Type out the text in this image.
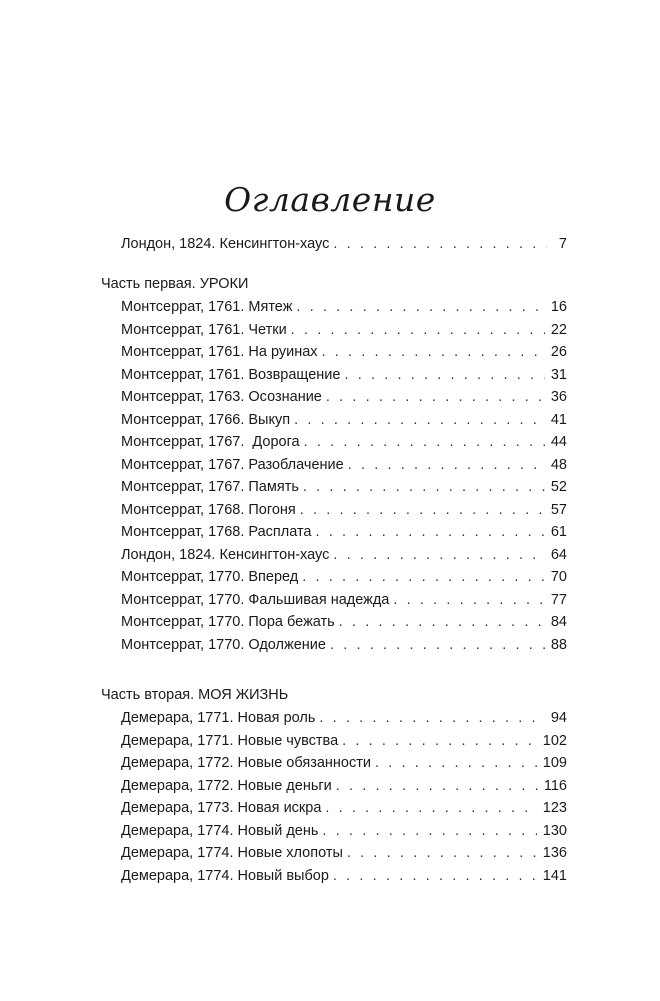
Оглавление
Лондон, 1824. Кенсингтон-хаус . . .	7
Часть первая. УРОКИ
Монтсеррат, 1761. Мятеж . . .	16
Монтсеррат, 1761. Четки . . .	22
Монтсеррат, 1761. На руинах . . .	26
Монтсеррат, 1761. Возвращение . . .	31
Монтсеррат, 1763. Осознание . . .	36
Монтсеррат, 1766. Выкуп . . .	41
Монтсеррат, 1767.  Дорога . . .	44
Монтсеррат, 1767. Разоблачение . . .	48
Монтсеррат, 1767. Память . . .	52
Монтсеррат, 1768. Погоня . . .	57
Монтсеррат, 1768. Расплата . . .	61
Лондон, 1824. Кенсингтон-хаус . . .	64
Монтсеррат, 1770. Вперед . . .	70
Монтсеррат, 1770. Фальшивая надежда . . .	77
Монтсеррат, 1770. Пора бежать . . .	84
Монтсеррат, 1770. Одолжение . . .	88
Часть вторая. МОЯ ЖИЗНЬ
Демерара, 1771. Новая роль . . .	94
Демерара, 1771. Новые чувства . . .	102
Демерара, 1772. Новые обязанности . . .	109
Демерара, 1772. Новые деньги . . .	116
Демерара, 1773. Новая искра . . .	123
Демерара, 1774. Новый день . . .	130
Демерара, 1774. Новые хлопоты . . .	136
Демерара, 1774. Новый выбор . . .	141
